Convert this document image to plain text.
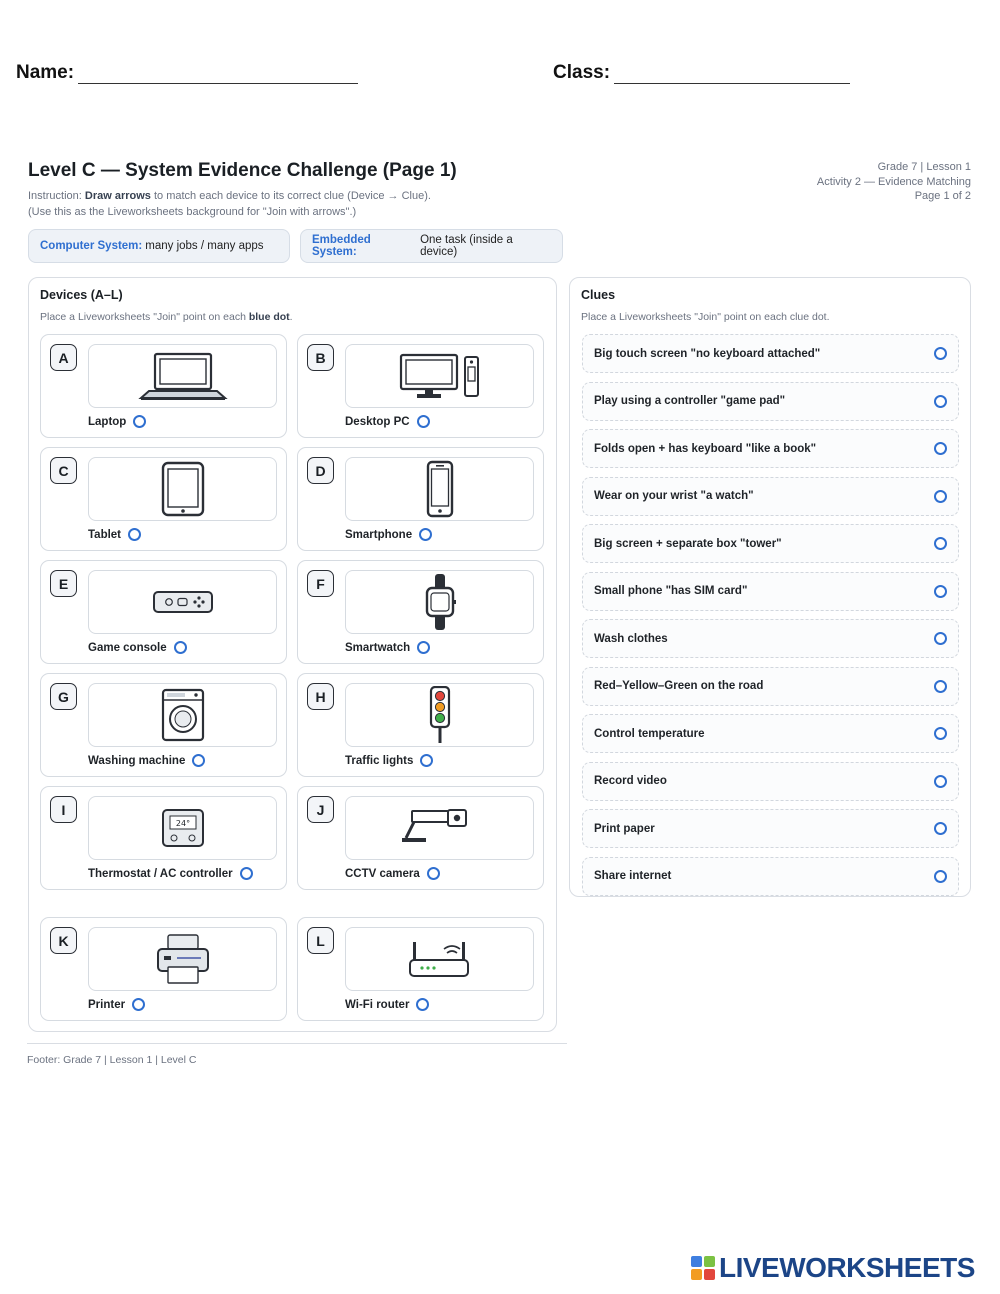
Name:	Class:
Level C — System Evidence Challenge (Page 1)
Instruction: Draw arrows to match each device to its correct clue (Device → Clue).
(Use this as the Liveworksheets background for "Join with arrows".)
Grade 7 | Lesson 1
Activity 2 — Evidence Matching
Page 1 of 2
Computer System: many jobs / many apps	Embedded System:
One task (inside a device)
Devices (A–L)
Place a Liveworksheets "Join" point on each blue dot.
A
Laptop
B
Desktop PC
C
Tablet
D
Smartphone
E
Game console
F
Smartwatch
G
Washing machine
H
Traffic lights
I
24°
Thermostat / AC controller
J
CCTV camera
K
Printer
L
Wi-Fi router
Clues
Place a Liveworksheets "Join" point on each clue dot.
Big touch screen "no keyboard attached"
Play using a controller "game pad"
Folds open + has keyboard "like a book"
Wear on your wrist "a watch"
Big screen + separate box "tower"
Small phone "has SIM card"
Wash clothes
Red–Yellow–Green on the road
Control temperature
Record video
Print paper
Share internet
Footer: Grade 7 | Lesson 1 | Level C
LIVEWORKSHEETS
